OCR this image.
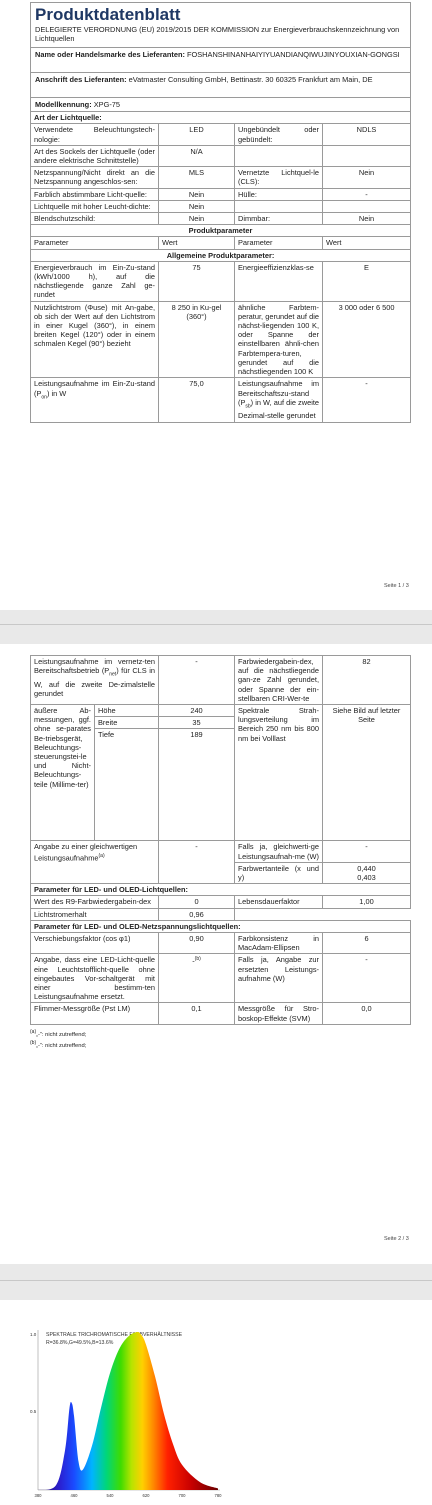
Produktdatenblatt
DELEGIERTE VERORDNUNG (EU) 2019/2015 DER KOMMISSION zur Energieverbrauchskennzeichnung von Lichtquellen			

Name oder Handelsmarke des Lieferanten: FOSHANSHINANHAIYIYUANDIANQIWUJINYOUXIAN-GONGSI			
Anschrift des Lieferanten: eVatmaster Consulting GmbH, Bettinastr. 30 60325 Frankfurt am Main, DE			
Modellkennung: XPG-75			
Art der Lichtquelle:			
Verwendete Beleuchtungstech-nologie:	LED	Ungebündelt oder gebündelt:	NDLS
Art des Sockels der Lichtquelle (oder andere elektrische Schnittstelle)	N/A		
Netzspannung/Nicht direkt an die Netzspannung angeschlos-sen:	MLS	Vernetzte Lichtquel-le (CLS):	Nein
Farblich abstimmbare Licht-quelle:	Nein	Hülle:	-
Lichtquelle mit hoher Leucht-dichte:	Nein		
Blendschutzschild:	Nein	Dimmbar:	Nein
Produktparameter			
Parameter	Wert	Parameter	Wert
Allgemeine Produktparameter:			
Energieverbrauch im Ein-Zu-stand (kWh/1000 h), auf die nächstliegende ganze Zahl ge-rundet	75	Energieeffizienzklas-se	E
Nutzlichtstrom (Φuse) mit An-gabe, ob sich der Wert auf den Lichtstrom in einer Kugel (360°), in einem breiten Kegel (120°) oder in einem schmalen Kegel (90°) bezieht	8 250 in Ku-gel (360°)	ähnliche Farbtem-peratur, gerundet auf die nächst-liegenden 100 K, oder Spanne der einstellbaren ähnli-chen Farbtempera-turen, gerundet auf die nächstliegenden 100 K	3 000 oder 6 500
Leistungsaufnahme im Ein-Zu-stand $(P_{on})$ in W	75,0	Leistungsaufnahme im Bereitschaftszu-stand $(P_{sb})$ in W, auf die zweite Dezimal-stelle gerundet	-
Seite 1 / 3
Leistungsaufnahme im vernetz-ten Bereitschaftsbetrieb $(P_{net})$ für CLS in W, auf die zweite De-zimalstelle gerundet		-	Farbwiedergabein-dex, auf die nächstliegende gan-ze Zahl gerundet, oder Spanne der ein-stellbaren CRI-Wer-te	82
äußere Ab-messungen, ggf. ohne se-parates Be-triebsgerät, Beleuchtungs-steuerungstei-le und Nicht-Beleuchtungs-teile (Millime-ter)	Höhe	240	Spektrale Strah-lungsverteilung im Bereich 250 nm bis 800 nm bei Volllast	Siehe Bild auf letzter Seite
	Breite	35		
	Tiefe	189		
Angabe zu einer gleichwertigen Leistungsaufnahme$^{(a)}$		-	Falls ja, gleichwerti-ge Leistungsaufnah-me (W)	-
			Farbwertanteile (x und y)	0,440
0,403

Parameter für LED- und OLED-Lichtquellen:				
Wert des R9-Farbwiedergabein-dex		0	Lebensdauerfaktor	1,00
Lichtstromerhalt		0,96		
Parameter für LED- und OLED-Netzspannungslichtquellen:				
Verschiebungsfaktor (cos φ1)		0,90	Farbkonsistenz in MacAdam-Ellipsen	6
Angabe, dass eine LED-Licht-quelle eine Leuchtstofflicht-quelle ohne eingebautes Vor-schaltgerät mit einer bestimm-ten Leistungsaufnahme ersetzt.		-$^{(b)}$	Falls ja, Angabe zur ersetzten Leistungs-aufnahme (W)	-
Flimmer-Messgröße (Pst LM)		0,1	Messgröße für Stro-boskop-Effekte (SVM)	0,0
(a)„-“: nicht zutreffend;
(b)„-“: nicht zutreffend;
Seite 2 / 3
SPEKTRALE TRICHROMATISCHE FARBVERHÄLTNISSE
R=36.8%,G=49.5%,B=13.6%
1.0
0.5
380	460	540	620	700	780
